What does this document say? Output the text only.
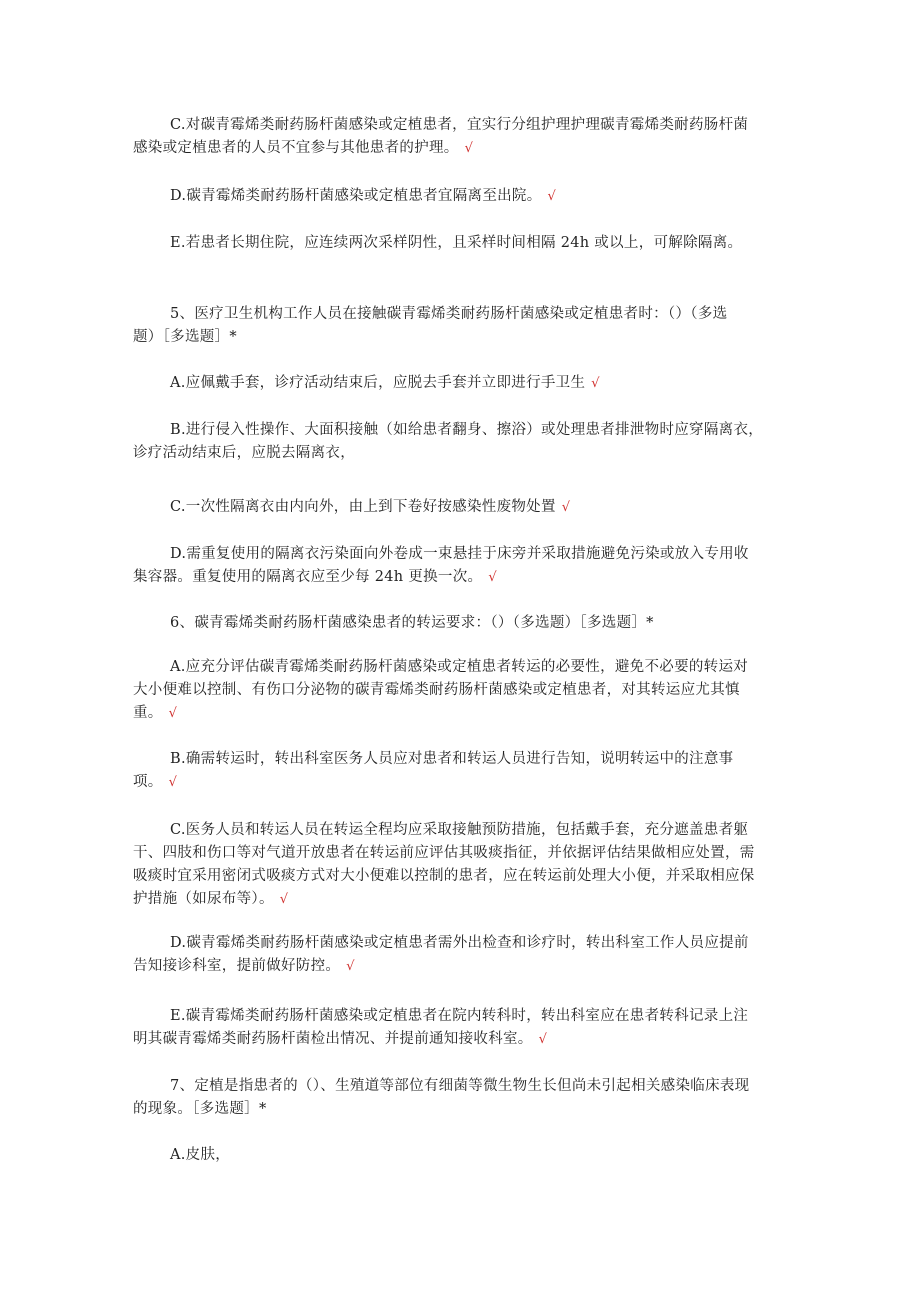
C.对碳青霉烯类耐药肠杆菌感染或定植患者，宜实行分组护理护理碳青霉烯类耐药肠杆菌
感染或定植患者的人员不宜参与其他患者的护理。 √
D.碳青霉烯类耐药肠杆菌感染或定植患者宜隔离至出院。 √
E.若患者长期住院，应连续两次采样阴性，且采样时间相隔 24h 或以上，可解除隔离。
5、医疗卫生机构工作人员在接触碳青霉烯类耐药肠杆菌感染或定植患者时：（）（多选
题）［多选题］*
A.应佩戴手套，诊疗活动结束后，应脱去手套并立即进行手卫生 √
B.进行侵入性操作、大面积接触（如给患者翻身、擦浴）或处理患者排泄物时应穿隔离衣，
诊疗活动结束后，应脱去隔离衣，
C.一次性隔离衣由内向外，由上到下卷好按感染性废物处置 √
D.需重复使用的隔离衣污染面向外卷成一束悬挂于床旁并采取措施避免污染或放入专用收
集容器。重复使用的隔离衣应至少每 24h 更换一次。 √
6、碳青霉烯类耐药肠杆菌感染患者的转运要求：（）（多选题）［多选题］*
A.应充分评估碳青霉烯类耐药肠杆菌感染或定植患者转运的必要性，避免不必要的转运对
大小便难以控制、有伤口分泌物的碳青霉烯类耐药肠杆菌感染或定植患者，对其转运应尤其慎
重。 √
B.确需转运时，转出科室医务人员应对患者和转运人员进行告知，说明转运中的注意事
项。 √
C.医务人员和转运人员在转运全程均应采取接触预防措施，包括戴手套，充分遮盖患者躯
干、四肢和伤口等对气道开放患者在转运前应评估其吸痰指征，并依据评估结果做相应处置，需
吸痰时宜采用密闭式吸痰方式对大小便难以控制的患者，应在转运前处理大小便，并采取相应保
护措施（如尿布等）。 √
D.碳青霉烯类耐药肠杆菌感染或定植患者需外出检查和诊疗时，转出科室工作人员应提前
告知接诊科室，提前做好防控。 √
E.碳青霉烯类耐药肠杆菌感染或定植患者在院内转科时，转出科室应在患者转科记录上注
明其碳青霉烯类耐药肠杆菌检出情况、并提前通知接收科室。 √
7、定植是指患者的（）、生殖道等部位有细菌等微生物生长但尚未引起相关感染临床表现
的现象。［多选题］*
A.皮肤，
